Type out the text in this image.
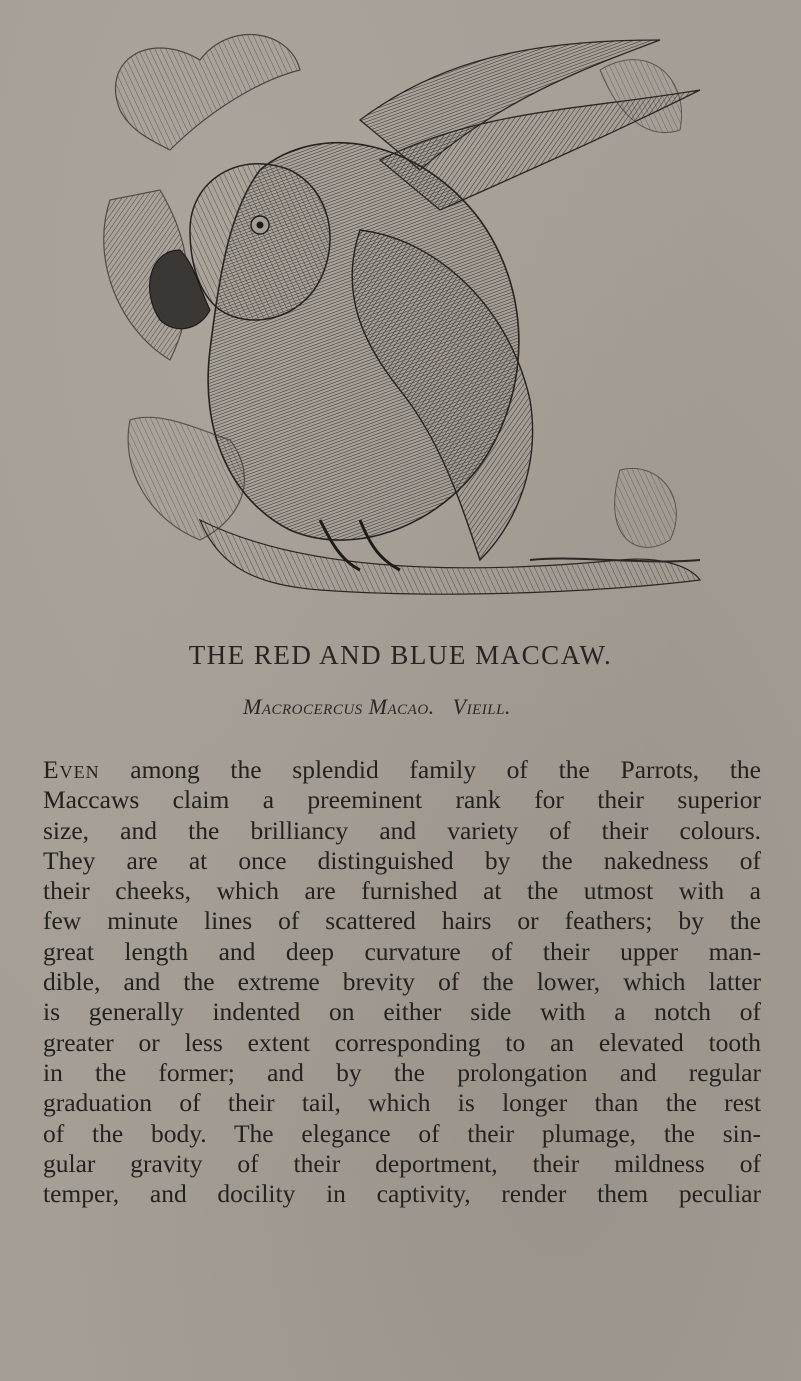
THE RED AND BLUE MACCAW.
Macrocercus Macao. Vieill.
Even among the splendid family of the Parrots, the
Maccaws claim a preeminent rank for their superior
size, and the brilliancy and variety of their colours.
They are at once distinguished by the nakedness of
their cheeks, which are furnished at the utmost with a
few minute lines of scattered hairs or feathers; by the
great length and deep curvature of their upper man-
dible, and the extreme brevity of the lower, which latter
is generally indented on either side with a notch of
greater or less extent corresponding to an elevated tooth
in the former; and by the prolongation and regular
graduation of their tail, which is longer than the rest
of the body. The elegance of their plumage, the sin-
gular gravity of their deportment, their mildness of
temper, and docility in captivity, render them peculiar
